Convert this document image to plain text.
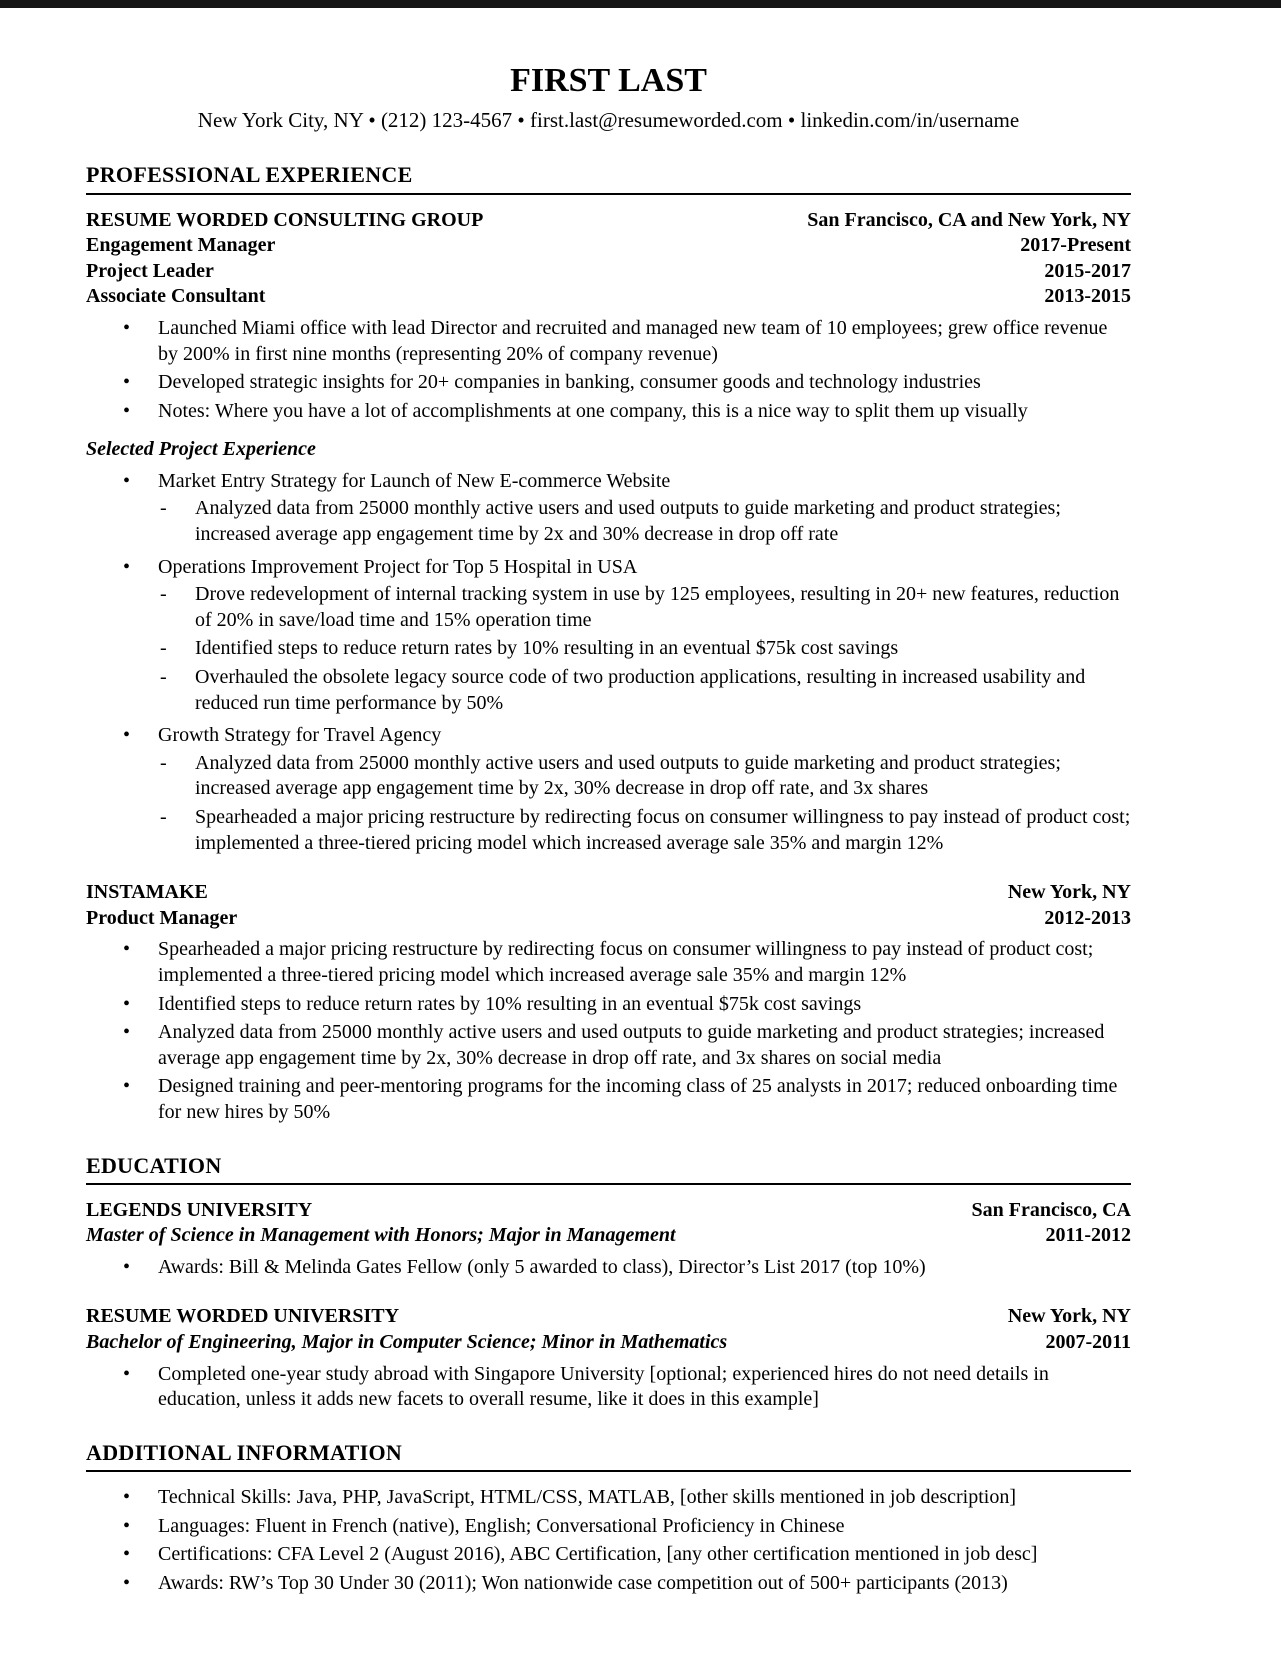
FIRST LAST

New York City, NY • (212) 123-4567 • first.last@resumeworded.com • linkedin.com/in/username

PROFESSIONAL EXPERIENCE
RESUME WORDED CONSULTING GROUP	San Francisco, CA and New York, NY
Engagement Manager	2017-Present
Project Leader	2015-2017
Associate Consultant	2013-2015
• Launched Miami office with lead Director and recruited and managed new team of 10 employees; grew office revenue by 200% in first nine months (representing 20% of company revenue)
• Developed strategic insights for 20+ companies in banking, consumer goods and technology industries
• Notes: Where you have a lot of accomplishments at one company, this is a nice way to split them up visually

Selected Project Experience

• Market Entry Strategy for Launch of New E-commerce Website
- Analyzed data from 25000 monthly active users and used outputs to guide marketing and product strategies; increased average app engagement time by 2x and 30% decrease in drop off rate
• Operations Improvement Project for Top 5 Hospital in USA
- Drove redevelopment of internal tracking system in use by 125 employees, resulting in 20+ new features, reduction of 20% in save/load time and 15% operation time
- Identified steps to reduce return rates by 10% resulting in an eventual $75k cost savings
- Overhauled the obsolete legacy source code of two production applications, resulting in increased usability and reduced run time performance by 50%
• Growth Strategy for Travel Agency
- Analyzed data from 25000 monthly active users and used outputs to guide marketing and product strategies; increased average app engagement time by 2x, 30% decrease in drop off rate, and 3x shares
- Spearheaded a major pricing restructure by redirecting focus on consumer willingness to pay instead of product cost; implemented a three-tiered pricing model which increased average sale 35% and margin 12%
INSTAMAKE	New York, NY
Product Manager	2012-2013
• Spearheaded a major pricing restructure by redirecting focus on consumer willingness to pay instead of product cost; implemented a three-tiered pricing model which increased average sale 35% and margin 12%
• Identified steps to reduce return rates by 10% resulting in an eventual $75k cost savings
• Analyzed data from 25000 monthly active users and used outputs to guide marketing and product strategies; increased average app engagement time by 2x, 30% decrease in drop off rate, and 3x shares on social media
• Designed training and peer-mentoring programs for the incoming class of 25 analysts in 2017; reduced onboarding time for new hires by 50%
EDUCATION
LEGENDS UNIVERSITY	San Francisco, CA
Master of Science in Management with Honors; Major in Management	2011-2012
• Awards: Bill & Melinda Gates Fellow (only 5 awarded to class), Director’s List 2017 (top 10%)
RESUME WORDED UNIVERSITY	New York, NY
Bachelor of Engineering, Major in Computer Science; Minor in Mathematics	2007-2011
• Completed one-year study abroad with Singapore University [optional; experienced hires do not need details in education, unless it adds new facets to overall resume, like it does in this example]
ADDITIONAL INFORMATION
• Technical Skills: Java, PHP, JavaScript, HTML/CSS, MATLAB, [other skills mentioned in job description]
• Languages: Fluent in French (native), English; Conversational Proficiency in Chinese
• Certifications: CFA Level 2 (August 2016), ABC Certification, [any other certification mentioned in job desc]
• Awards: RW’s Top 30 Under 30 (2011); Won nationwide case competition out of 500+ participants (2013)
